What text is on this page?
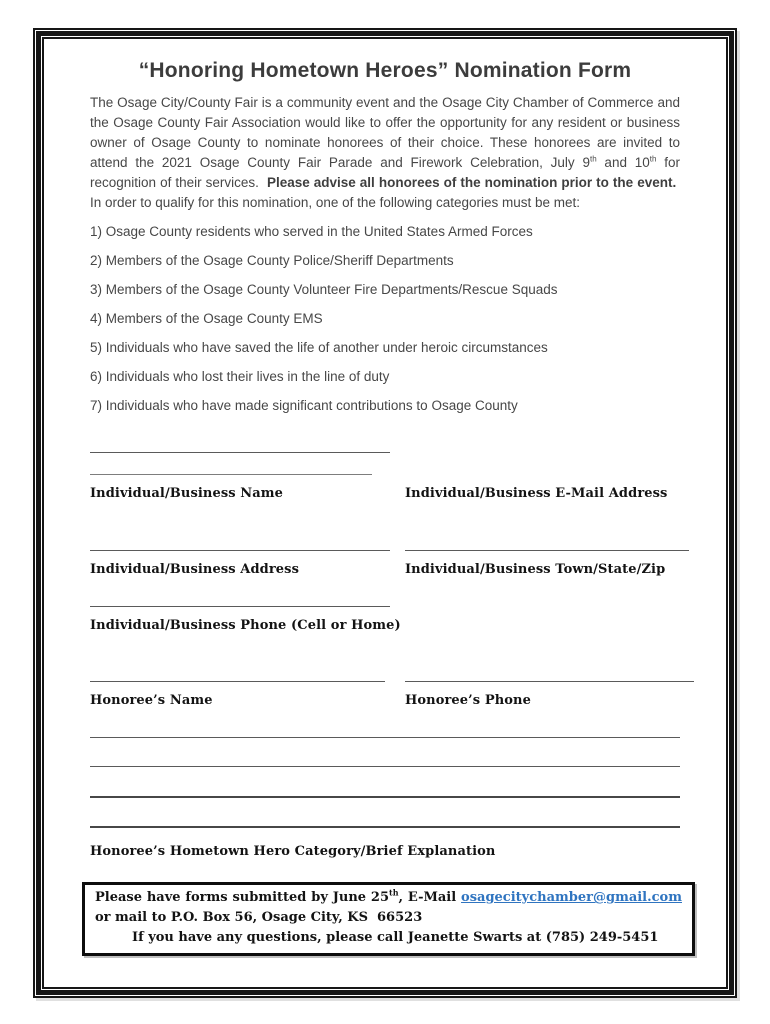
“Honoring Hometown Heroes” Nomination Form
The Osage City/County Fair is a community event and the Osage City Chamber of Commerce and the Osage County Fair Association would like to offer the opportunity for any resident or business owner of Osage County to nominate honorees of their choice. These honorees are invited to attend the 2021 Osage County Fair Parade and Firework Celebration, July 9th and 10th for recognition of their services.  Please advise all honorees of the nomination prior to the event.  In order to qualify for this nomination, one of the following categories must be met:
1) Osage County residents who served in the United States Armed Forces
2) Members of the Osage County Police/Sheriff Departments
3) Members of the Osage County Volunteer Fire Departments/Rescue Squads
4) Members of the Osage County EMS
5) Individuals who have saved the life of another under heroic circumstances
6) Individuals who lost their lives in the line of duty
7) Individuals who have made significant contributions to Osage County
Individual/Business Name	Individual/Business E-Mail Address
Individual/Business Address	Individual/Business Town/State/Zip
Individual/Business Phone (Cell or Home)
Honoree’s Name	Honoree’s Phone
Honoree’s Hometown Hero Category/Brief Explanation
Please have forms submitted by June 25th, E-Mail osagecitychamber@gmail.com or mail to P.O. Box 56, Osage City, KS  66523
If you have any questions, please call Jeanette Swarts at (785) 249-5451
